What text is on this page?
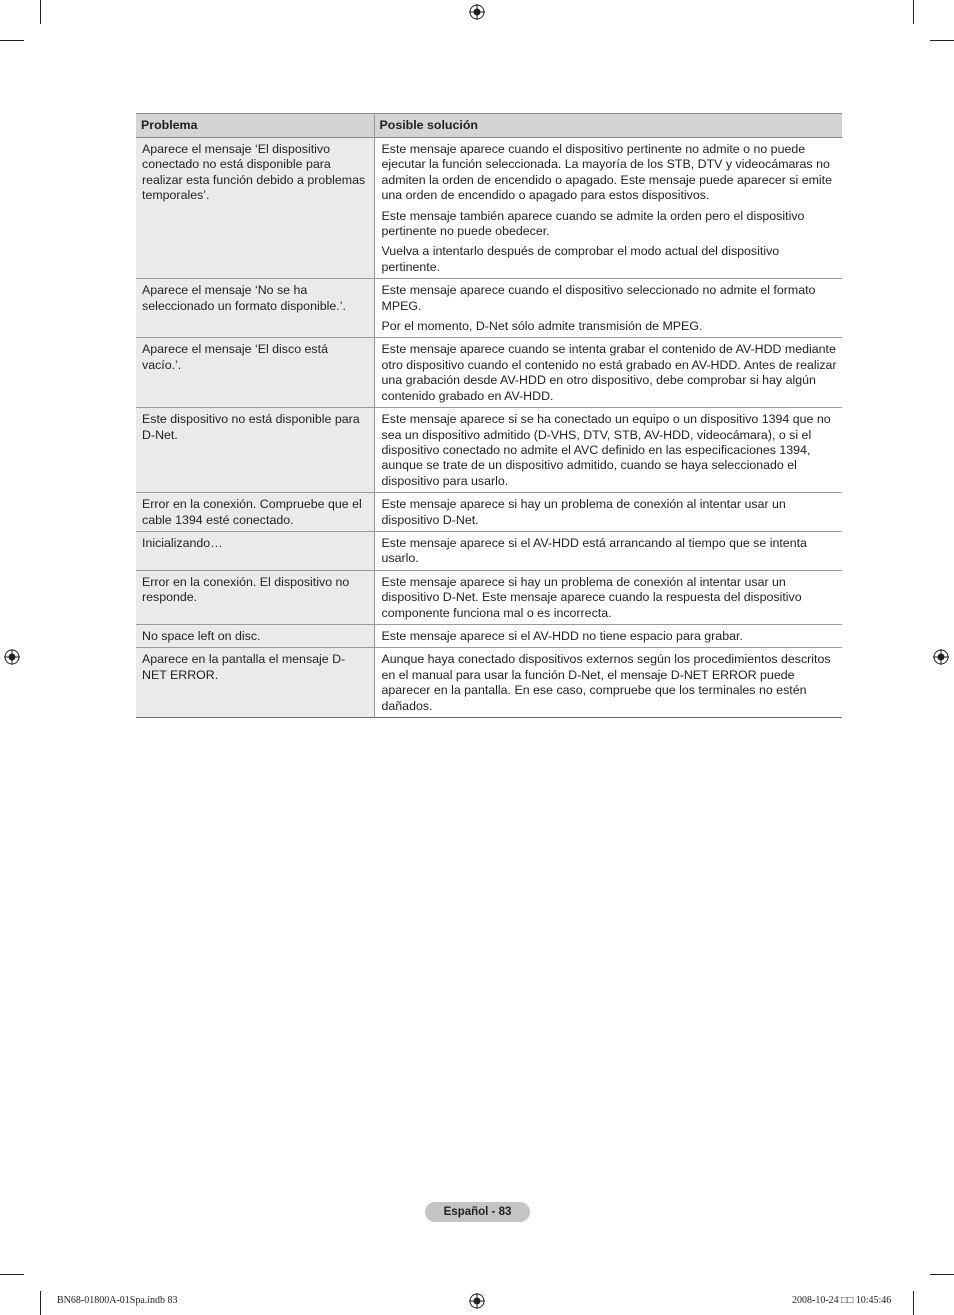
Problema	Posible solución
Aparece el mensaje ‘El dispositivo conectado no está disponible para realizar esta función debido a problemas temporales’.	Este mensaje aparece cuando el dispositivo pertinente no admite o no puede ejecutar la función seleccionada. La mayoría de los STB, DTV y videocámaras no admiten la orden de encendido o apagado. Este mensaje puede aparecer si emite una orden de encendido o apagado para estos dispositivos.

Este mensaje también aparece cuando se admite la orden pero el dispositivo pertinente no puede obedecer.

Vuelva a intentarlo después de comprobar el modo actual del dispositivo pertinente.

Aparece el mensaje ‘No se ha seleccionado un formato disponible.’.	Este mensaje aparece cuando el dispositivo seleccionado no admite el formato MPEG.

Por el momento, D-Net sólo admite transmisión de MPEG.

Aparece el mensaje ‘El disco está vacío.’.	Este mensaje aparece cuando se intenta grabar el contenido de AV-HDD mediante otro dispositivo cuando el contenido no está grabado en AV-HDD. Antes de realizar una grabación desde AV-HDD en otro dispositivo, debe comprobar si hay algún contenido grabado en AV-HDD.

Este dispositivo no está disponible para D-Net.	Este mensaje aparece si se ha conectado un equipo o un dispositivo 1394 que no sea un dispositivo admitido (D-VHS, DTV, STB, AV-HDD, videocámara), o si el dispositivo conectado no admite el AVC definido en las especificaciones 1394, aunque se trate de un dispositivo admitido, cuando se haya seleccionado el dispositivo para usarlo.

Error en la conexión. Compruebe que el cable 1394 esté conectado.	Este mensaje aparece si hay un problema de conexión al intentar usar un dispositivo D-Net.

Inicializando…	Este mensaje aparece si el AV-HDD está arrancando al tiempo que se intenta usarlo.

Error en la conexión. El dispositivo no responde.	Este mensaje aparece si hay un problema de conexión al intentar usar un dispositivo D-Net. Este mensaje aparece cuando la respuesta del dispositivo componente funciona mal o es incorrecta.

No space left on disc.	Este mensaje aparece si el AV-HDD no tiene espacio para grabar.

Aparece en la pantalla el mensaje D-NET ERROR.	Aunque haya conectado dispositivos externos según los procedimientos descritos en el manual para usar la función D-Net, el mensaje D-NET ERROR puede aparecer en la pantalla. En ese caso, compruebe que los terminales no estén dañados.

Español - 83
BN68-01800A-01Spa.indb 83	2008-10-24 □□ 10:45:46
